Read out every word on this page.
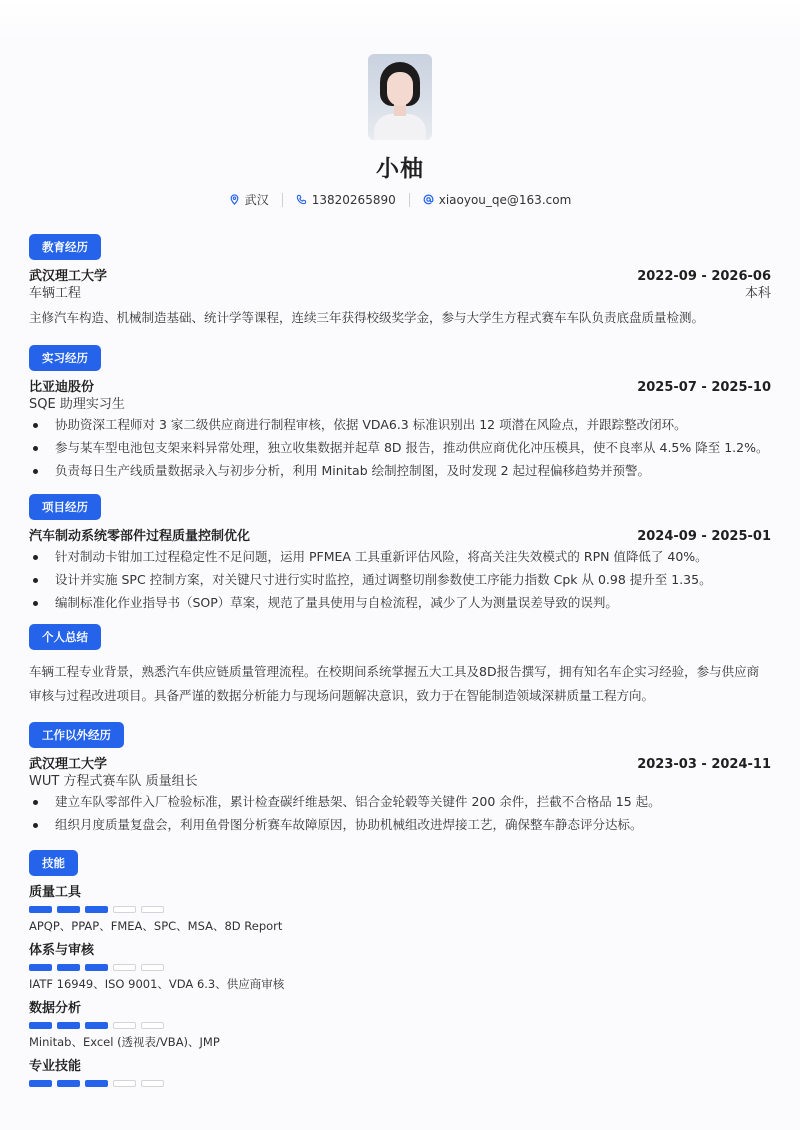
小柚
武汉	13820265890	xiaoyou_qe@163.com
教育经历
武汉理工大学	2022-09 - 2026-06
车辆工程	本科
主修汽车构造、机械制造基础、统计学等课程，连续三年获得校级奖学金，参与大学生方程式赛车车队负责底盘质量检测。
实习经历
比亚迪股份	2025-07 - 2025-10
SQE 助理实习生
协助资深工程师对 3 家二级供应商进行制程审核，依据 VDA6.3 标准识别出 12 项潜在风险点，并跟踪整改闭环。
参与某车型电池包支架来料异常处理，独立收集数据并起草 8D 报告，推动供应商优化冲压模具，使不良率从 4.5% 降至 1.2%。
负责每日生产线质量数据录入与初步分析，利用 Minitab 绘制控制图，及时发现 2 起过程偏移趋势并预警。
项目经历
汽车制动系统零部件过程质量控制优化	2024-09 - 2025-01
针对制动卡钳加工过程稳定性不足问题，运用 PFMEA 工具重新评估风险，将高关注失效模式的 RPN 值降低了 40%。
设计并实施 SPC 控制方案，对关键尺寸进行实时监控，通过调整切削参数使工序能力指数 Cpk 从 0.98 提升至 1.35。
编制标准化作业指导书（SOP）草案，规范了量具使用与自检流程，减少了人为测量误差导致的误判。
个人总结
车辆工程专业背景，熟悉汽车供应链质量管理流程。在校期间系统掌握五大工具及8D报告撰写，拥有知名车企实习经验，参与供应商审核与过程改进项目。具备严谨的数据分析能力与现场问题解决意识，致力于在智能制造领域深耕质量工程方向。
工作以外经历
武汉理工大学	2023-03 - 2024-11
WUT 方程式赛车队 质量组长
建立车队零部件入厂检验标准，累计检查碳纤维悬架、铝合金轮毂等关键件 200 余件，拦截不合格品 15 起。
组织月度质量复盘会，利用鱼骨图分析赛车故障原因，协助机械组改进焊接工艺，确保整车静态评分达标。
技能
质量工具
APQP、PPAP、FMEA、SPC、MSA、8D Report
体系与审核
IATF 16949、ISO 9001、VDA 6.3、供应商审核
数据分析
Minitab、Excel (透视表/VBA)、JMP
专业技能
